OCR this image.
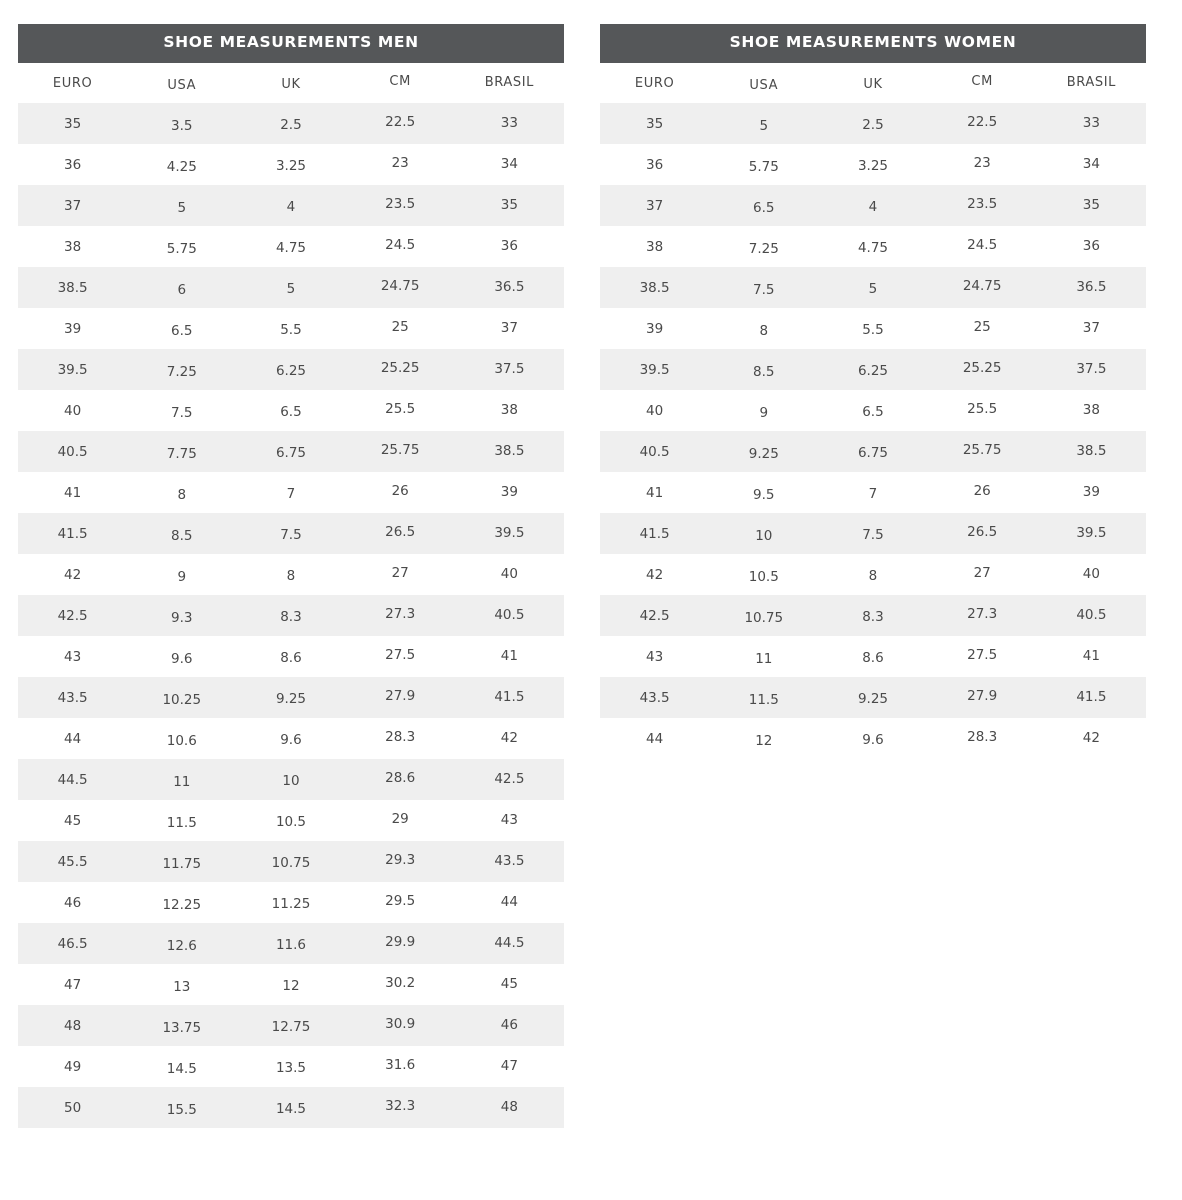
SHOE MEASUREMENTS MEN
EURO	USA	UK	CM	BRASIL
35	3.5	2.5	22.5	33
36	4.25	3.25	23	34
37	5	4	23.5	35
38	5.75	4.75	24.5	36
38.5	6	5	24.75	36.5
39	6.5	5.5	25	37
39.5	7.25	6.25	25.25	37.5
40	7.5	6.5	25.5	38
40.5	7.75	6.75	25.75	38.5
41	8	7	26	39
41.5	8.5	7.5	26.5	39.5
42	9	8	27	40
42.5	9.3	8.3	27.3	40.5
43	9.6	8.6	27.5	41
43.5	10.25	9.25	27.9	41.5
44	10.6	9.6	28.3	42
44.5	11	10	28.6	42.5
45	11.5	10.5	29	43
45.5	11.75	10.75	29.3	43.5
46	12.25	11.25	29.5	44
46.5	12.6	11.6	29.9	44.5
47	13	12	30.2	45
48	13.75	12.75	30.9	46
49	14.5	13.5	31.6	47
50	15.5	14.5	32.3	48
SHOE MEASUREMENTS WOMEN
EURO	USA	UK	CM	BRASIL
35	5	2.5	22.5	33
36	5.75	3.25	23	34
37	6.5	4	23.5	35
38	7.25	4.75	24.5	36
38.5	7.5	5	24.75	36.5
39	8	5.5	25	37
39.5	8.5	6.25	25.25	37.5
40	9	6.5	25.5	38
40.5	9.25	6.75	25.75	38.5
41	9.5	7	26	39
41.5	10	7.5	26.5	39.5
42	10.5	8	27	40
42.5	10.75	8.3	27.3	40.5
43	11	8.6	27.5	41
43.5	11.5	9.25	27.9	41.5
44	12	9.6	28.3	42
